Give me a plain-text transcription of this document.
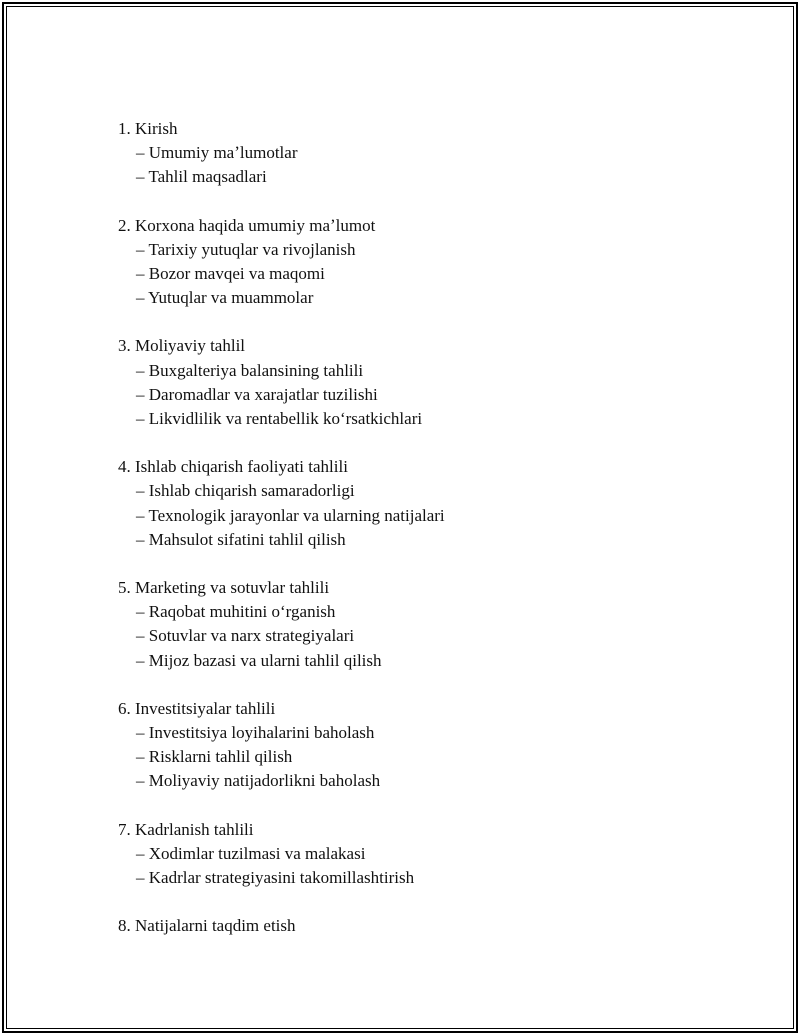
1. Kirish
– Umumiy maʼlumotlar
– Tahlil maqsadlari
2. Korxona haqida umumiy maʼlumot
– Tarixiy yutuqlar va rivojlanish
– Bozor mavqei va maqomi
– Yutuqlar va muammolar
3. Moliyaviy tahlil
– Buxgalteriya balansining tahlili
– Daromadlar va xarajatlar tuzilishi
– Likvidlilik va rentabellik koʻrsatkichlari
4. Ishlab chiqarish faoliyati tahlili
– Ishlab chiqarish samaradorligi
– Texnologik jarayonlar va ularning natijalari
– Mahsulot sifatini tahlil qilish
5. Marketing va sotuvlar tahlili
– Raqobat muhitini oʻrganish
– Sotuvlar va narx strategiyalari
– Mijoz bazasi va ularni tahlil qilish
6. Investitsiyalar tahlili
– Investitsiya loyihalarini baholash
– Risklarni tahlil qilish
– Moliyaviy natijadorlikni baholash
7. Kadrlanish tahlili
– Xodimlar tuzilmasi va malakasi
– Kadrlar strategiyasini takomillashtirish
8. Natijalarni taqdim etish
